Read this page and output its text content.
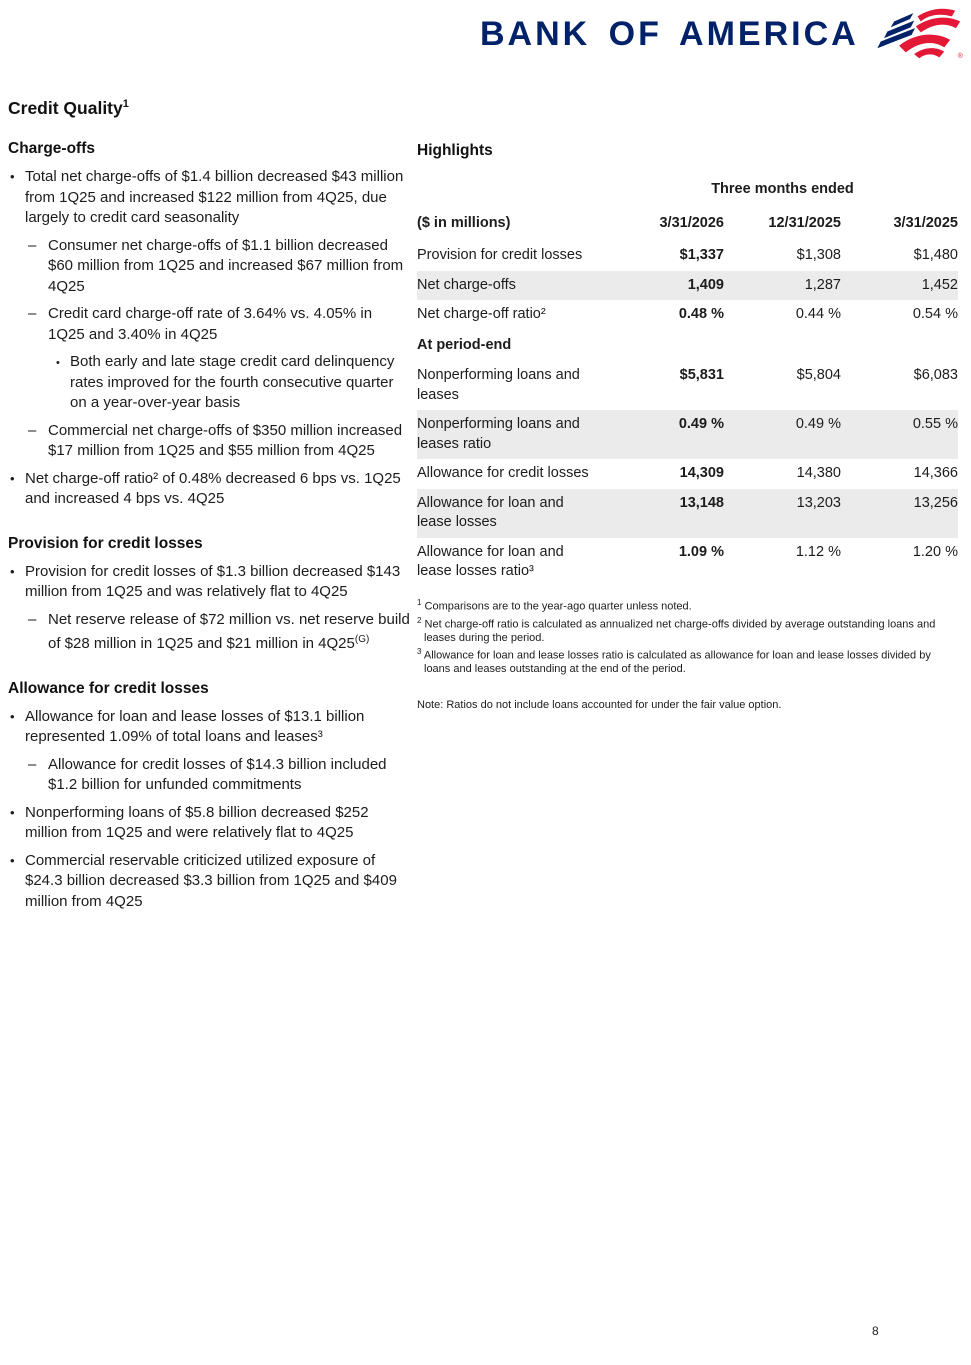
BANK OF AMERICA
®
Credit Quality$^1$
Charge-offs
• Total net charge-offs of $1.4 billion decreased $43 million from 1Q25 and increased $122 million from 4Q25, due largely to credit card seasonality
– Consumer net charge-offs of $1.1 billion decreased $60 million from 1Q25 and increased $67 million from 4Q25
– Credit card charge-off rate of 3.64% vs. 4.05% in 1Q25 and 3.40% in 4Q25
• Both early and late stage credit card delinquency rates improved for the fourth consecutive quarter on a year-over-year basis
– Commercial net charge-offs of $350 million increased $17 million from 1Q25 and $55 million from 4Q25
• Net charge-off ratio² of 0.48% decreased 6 bps vs. 1Q25 and increased 4 bps vs. 4Q25
Provision for credit losses
• Provision for credit losses of $1.3 billion decreased $143 million from 1Q25 and was relatively flat to 4Q25
– Net reserve release of $72 million vs. net reserve build of $28 million in 1Q25 and $21 million in $4Q25^{(G)}$
Allowance for credit losses
• Allowance for loan and lease losses of $13.1 billion represented 1.09% of total loans and leases³
– Allowance for credit losses of $14.3 billion included $1.2 billion for unfunded commitments
• Nonperforming loans of $5.8 billion decreased $252 million from 1Q25 and were relatively flat to 4Q25
• Commercial reservable criticized utilized exposure of $24.3 billion decreased $3.3 billion from 1Q25 and $409 million from 4Q25
Highlights
	Three months ended		
($ in millions)	3/31/2026	12/31/2025	3/31/2025
Provision for credit losses	$1,337	$1,308	$1,480
Net charge-offs	1,409	1,287	1,452
Net charge-off ratio²	0.48 %	0.44 %	0.54 %
At period-end			
Nonperforming loans and leases	$5,831	$5,804	$6,083
Nonperforming loans and leases ratio	0.49 %	0.49 %	0.55 %
Allowance for credit losses	14,309	14,380	14,366
Allowance for loan and lease losses	13,148	13,203	13,256
Allowance for loan and lease losses ratio³	1.09 %	1.12 %	1.20 %

$^1$ Comparisons are to the year-ago quarter unless noted.

$^2$ Net charge-off ratio is calculated as annualized net charge-offs divided by average outstanding loans and leases during the period.

$^3$ Allowance for loan and lease losses ratio is calculated as allowance for loan and lease losses divided by loans and leases outstanding at the end of the period.

Note: Ratios do not include loans accounted for under the fair value option.
8
